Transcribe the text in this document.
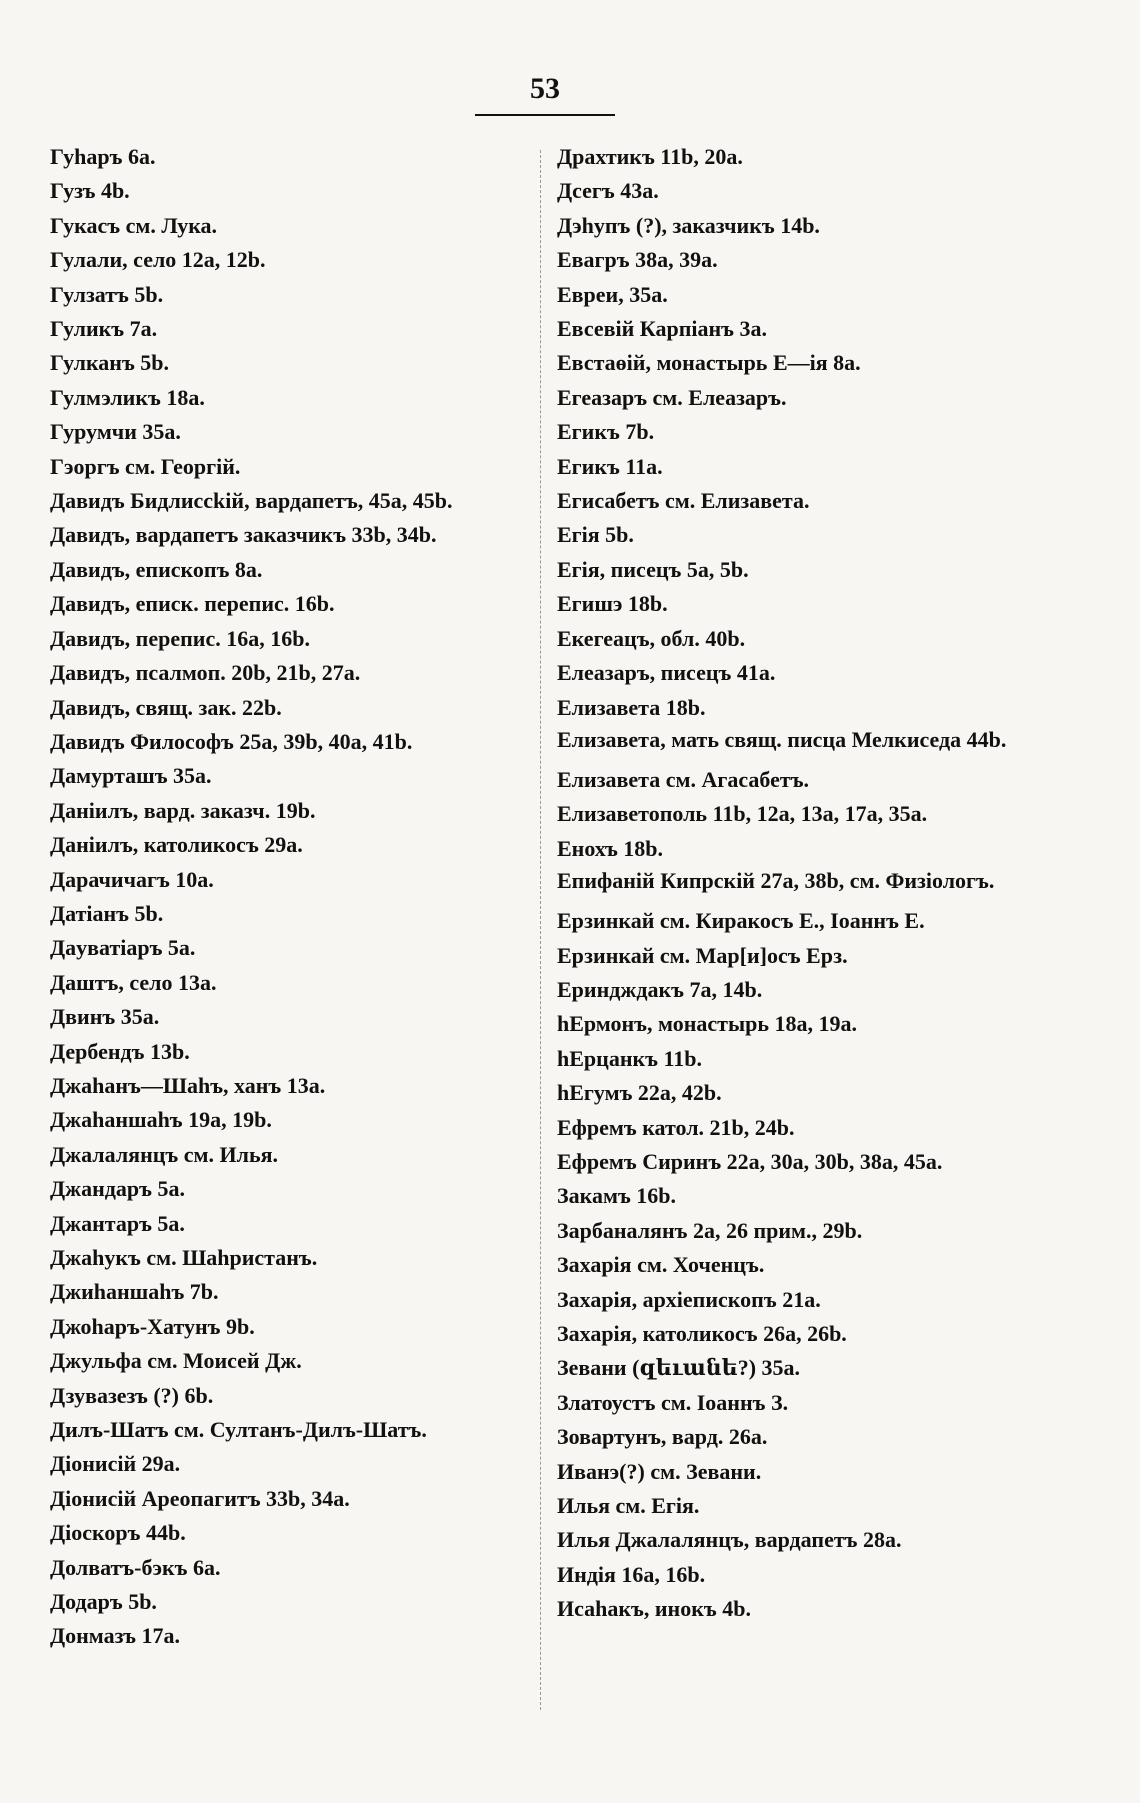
53
Гуhаръ 6a.
Гузъ 4b.
Гукасъ см. Лука.
Гулали, село 12a, 12b.
Гулзатъ 5b.
Гуликъ 7a.
Гулканъ 5b.
Гулмэликъ 18a.
Гурумчи 35a.
Гэоргъ см. Георгій.
Давидъ Бидлиссkій, вардапетъ, 45a, 45b.
Давидъ, вардапетъ заказчикъ 33b, 34b.
Давидъ, епископъ 8a.
Давидъ, еписк. перепис. 16b.
Давидъ, перепис. 16a, 16b.
Давидъ, псалмоп. 20b, 21b, 27a.
Давидъ, свящ. зак. 22b.
Давидъ Философъ 25a, 39b, 40a, 41b.
Дамурташъ 35a.
Даніилъ, вард. заказч. 19b.
Даніилъ, католикосъ 29a.
Дарачичагъ 10a.
Датіанъ 5b.
Даyватіаръ 5a.
Даштъ, село 13a.
Двинъ 35a.
Дербендъ 13b.
Джаhанъ—Шаhъ, ханъ 13a.
Джаhаншаhъ 19a, 19b.
Джалалянцъ см. Илья.
Джандаръ 5a.
Джантаръ 5a.
Джаhукъ см. Шаhристанъ.
Джиhаншаhъ 7b.
Джоhаръ-Хатунъ 9b.
Джульфа см. Моисей Дж.
Дзувазезъ (?) 6b.
Дилъ-Шатъ см. Султанъ-Дилъ-Шатъ.
Діонисій 29a.
Діонисій Ареопагитъ 33b, 34a.
Діоскоръ 44b.
Долватъ-бэкъ 6a.
Додаръ 5b.
Донмазъ 17a.
Драхтикъ 11b, 20a.
Дсегъ 43a.
Дэhупъ (?), заказчикъ 14b.
Евагръ 38a, 39a.
Евреи, 35a.
Евсевій Карпіанъ 3a.
Евстаөій, монастырь Е—ія 8a.
Егеазаръ см. Елеазаръ.
Егикъ 7b.
Егикъ 11a.
Егисабетъ см. Елизавета.
Егія 5b.
Егія, писецъ 5a, 5b.
Егишэ 18b.
Екегеацъ, обл. 40b.
Елеазаръ, писецъ 41a.
Елизавета 18b.
Елизавета, мать свящ. писца Мелкиседа 44b.
Елизавета см. Агасабетъ.
Елизаветополь 11b, 12a, 13a, 17a, 35a.
Енохъ 18b.
Епифаній Кипрскій 27a, 38b, см. Физіологъ.
Ерзинкай см. Киракосъ Е., Іоаннъ Е.
Ерзинкай см. Мар[и]осъ Ерз.
Ериндждакъ 7a, 14b.
hЕрмонъ, монастырь 18a, 19a.
hЕрцанкъ 11b.
hЕгумъ 22a, 42b.
Ефремъ катол. 21b, 24b.
Ефремъ Сиринъ 22a, 30a, 30b, 38a, 45a.
Закамъ 16b.
Зарбаналянъ 2a, 26 прим., 29b.
Захарія см. Хоченцъ.
Захарія, архіепископъ 21a.
Захарія, католикосъ 26a, 26b.
Зевани (զեւանե?) 35a.
Златоустъ см. Іоаннъ З.
Зовартунъ, вард. 26a.
Иванэ(?) см. Зевани.
Илья см. Егія.
Илья Джалалянцъ, вардапетъ 28a.
Индія 16a, 16b.
Исаhакъ, инокъ 4b.
